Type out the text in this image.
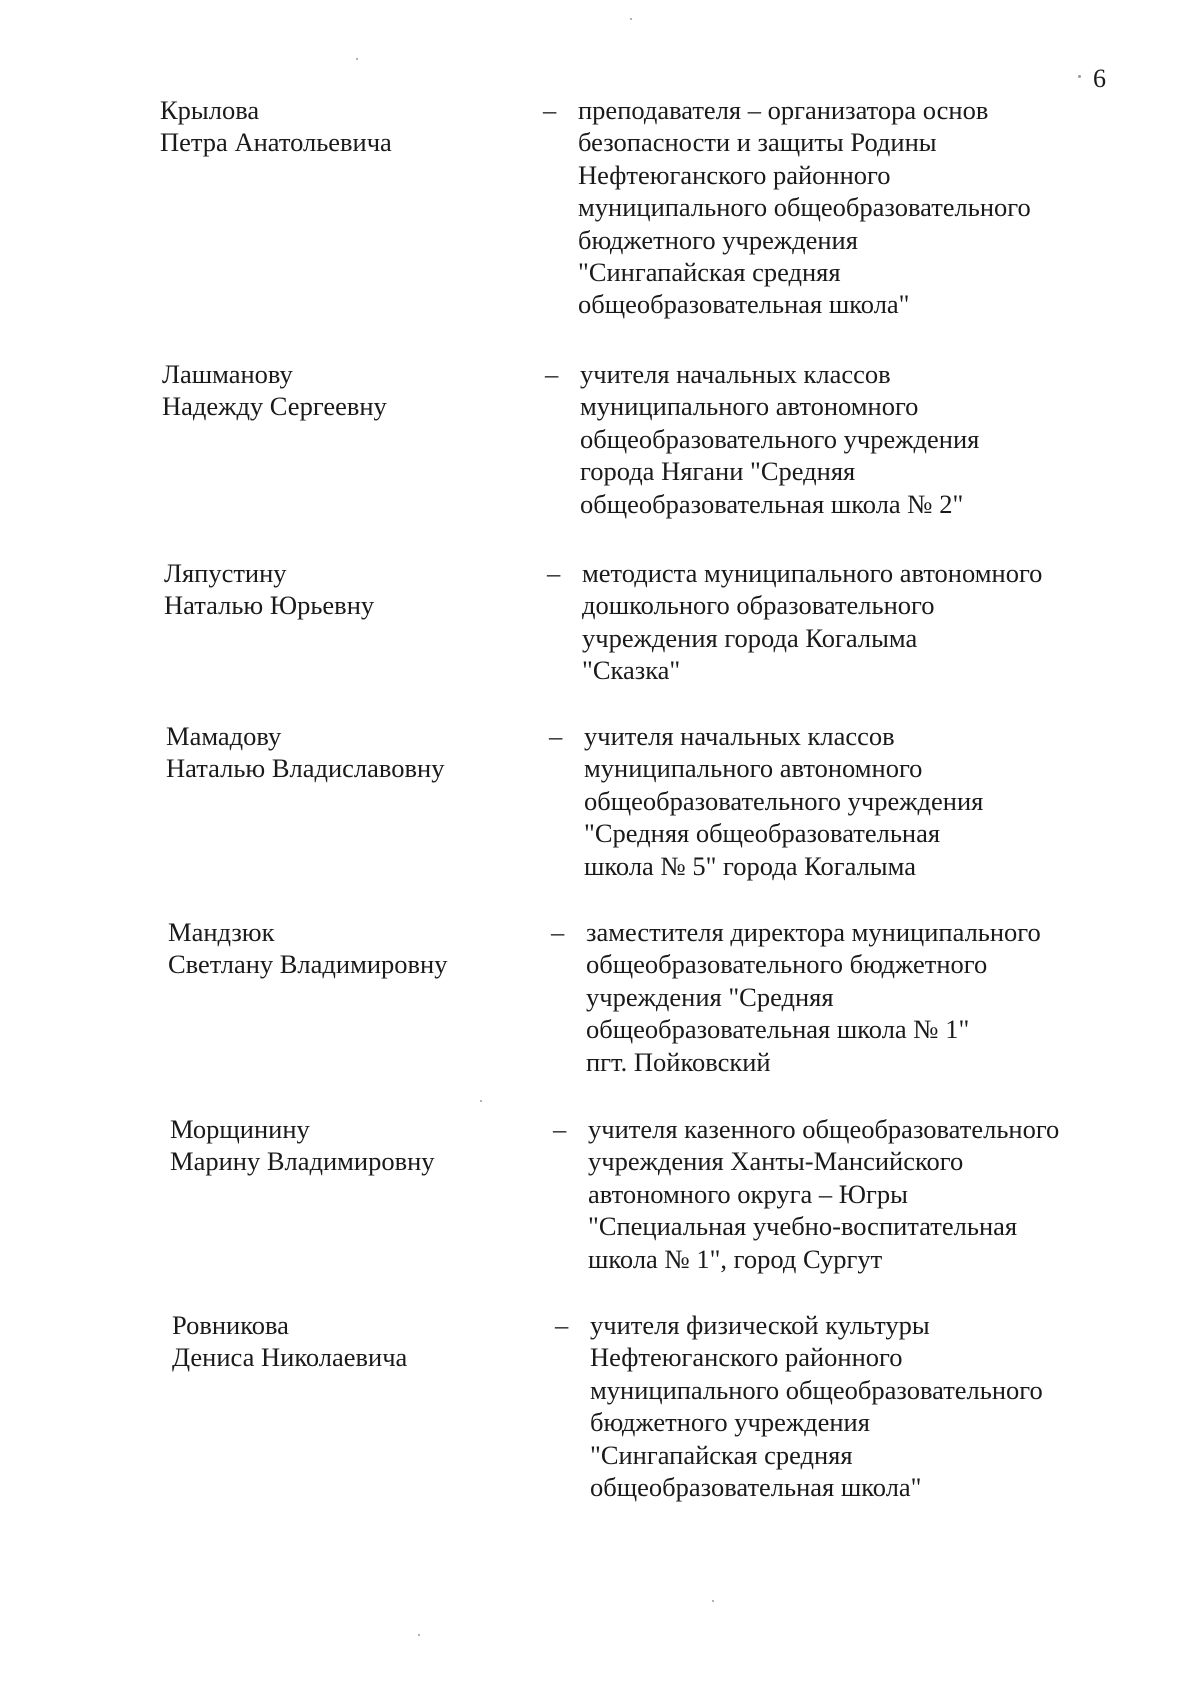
6
Крылова
Петра Анатольевича
– преподавателя – организатора основ
безопасности и защиты Родины
Нефтеюганского районного
муниципального общеобразовательного
бюджетного учреждения
"Сингапайская средняя
общеобразовательная школа"
Лашманову
Надежду Сергеевну
– учителя начальных классов
муниципального автономного
общеобразовательного учреждения
города Нягани "Средняя
общеобразовательная школа № 2"
Ляпустину
Наталью Юрьевну
– методиста муниципального автономного
дошкольного образовательного
учреждения города Когалыма
"Сказка"
Мамадову
Наталью Владиславовну
– учителя начальных классов
муниципального автономного
общеобразовательного учреждения
"Средняя общеобразовательная
школа № 5" города Когалыма
Мандзюк
Светлану Владимировну
– заместителя директора муниципального
общеобразовательного бюджетного
учреждения "Средняя
общеобразовательная школа № 1"
пгт. Пойковский
Морщинину
Марину Владимировну
– учителя казенного общеобразовательного
учреждения Ханты-Мансийского
автономного округа – Югры
"Специальная учебно-воспитательная
школа № 1", город Сургут
Ровникова
Дениса Николаевича
– учителя физической культуры
Нефтеюганского районного
муниципального общеобразовательного
бюджетного учреждения
"Сингапайская средняя
общеобразовательная школа"
